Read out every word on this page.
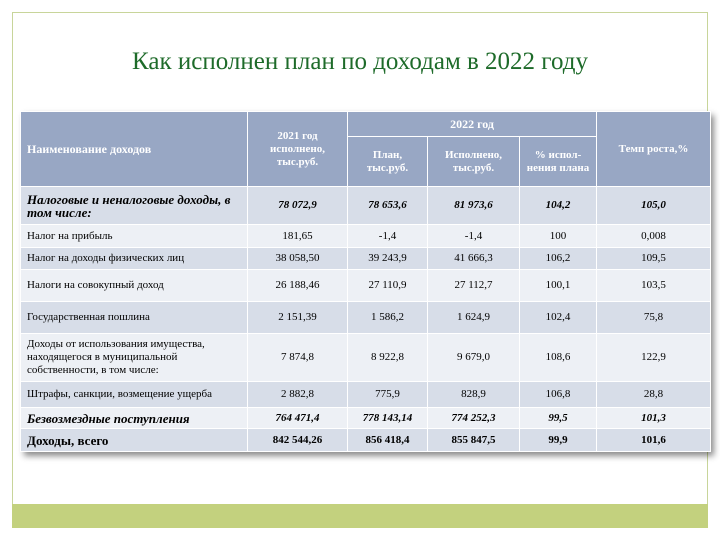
Как исполнен план по доходам в 2022 году
Наименование доходов	2021 год исполнено, тыс.руб.	2022 год			Темп роста,%
		План, тыс.руб.	Исполнено, тыс.руб.	% испол-нения плана	
Налоговые и неналоговые доходы, в том числе:	78 072,9	78 653,6	81 973,6	104,2	105,0
Налог на прибыль	181,65	-1,4	-1,4	100	0,008
Налог на доходы физических лиц	38 058,50	39 243,9	41 666,3	106,2	109,5
Налоги на совокупный доход	26 188,46	27 110,9	27 112,7	100,1	103,5
Государственная пошлина	2 151,39	1 586,2	1 624,9	102,4	75,8
Доходы от использования имущества, находящегося в муниципальной собственности, в том числе:	7 874,8	8 922,8	9 679,0	108,6	122,9
Штрафы, санкции, возмещение ущерба	2 882,8	775,9	828,9	106,8	28,8
Безвозмездные поступления	764 471,4	778 143,14	774 252,3	99,5	101,3
Доходы, всего	842 544,26	856 418,4	855 847,5	99,9	101,6
